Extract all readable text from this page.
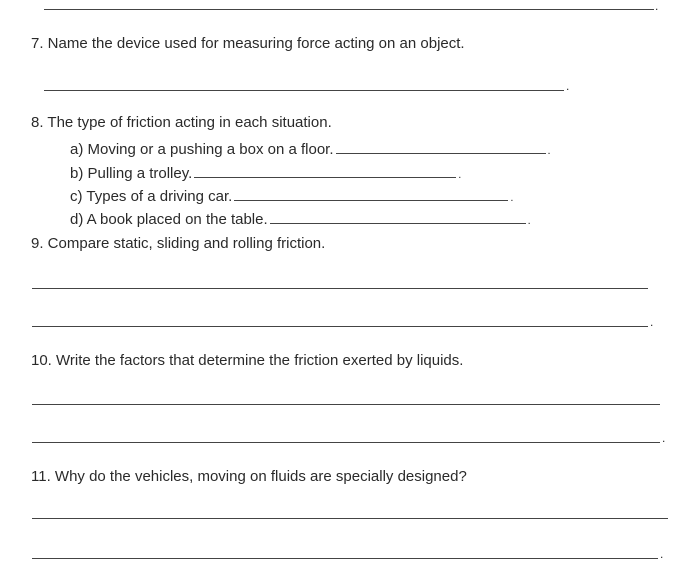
.
7. Name the device used for measuring force acting on an object.
.
8. The type of friction acting in each situation.
a) Moving or a pushing a box on a floor.	.
b) Pulling a trolley.	.
c) Types of a driving car.	.
d) A book placed on the table.	.
9. Compare static, sliding and rolling friction.
.
10. Write the factors that determine the friction exerted by liquids.
.
11. Why do the vehicles, moving on fluids are specially designed?
.
